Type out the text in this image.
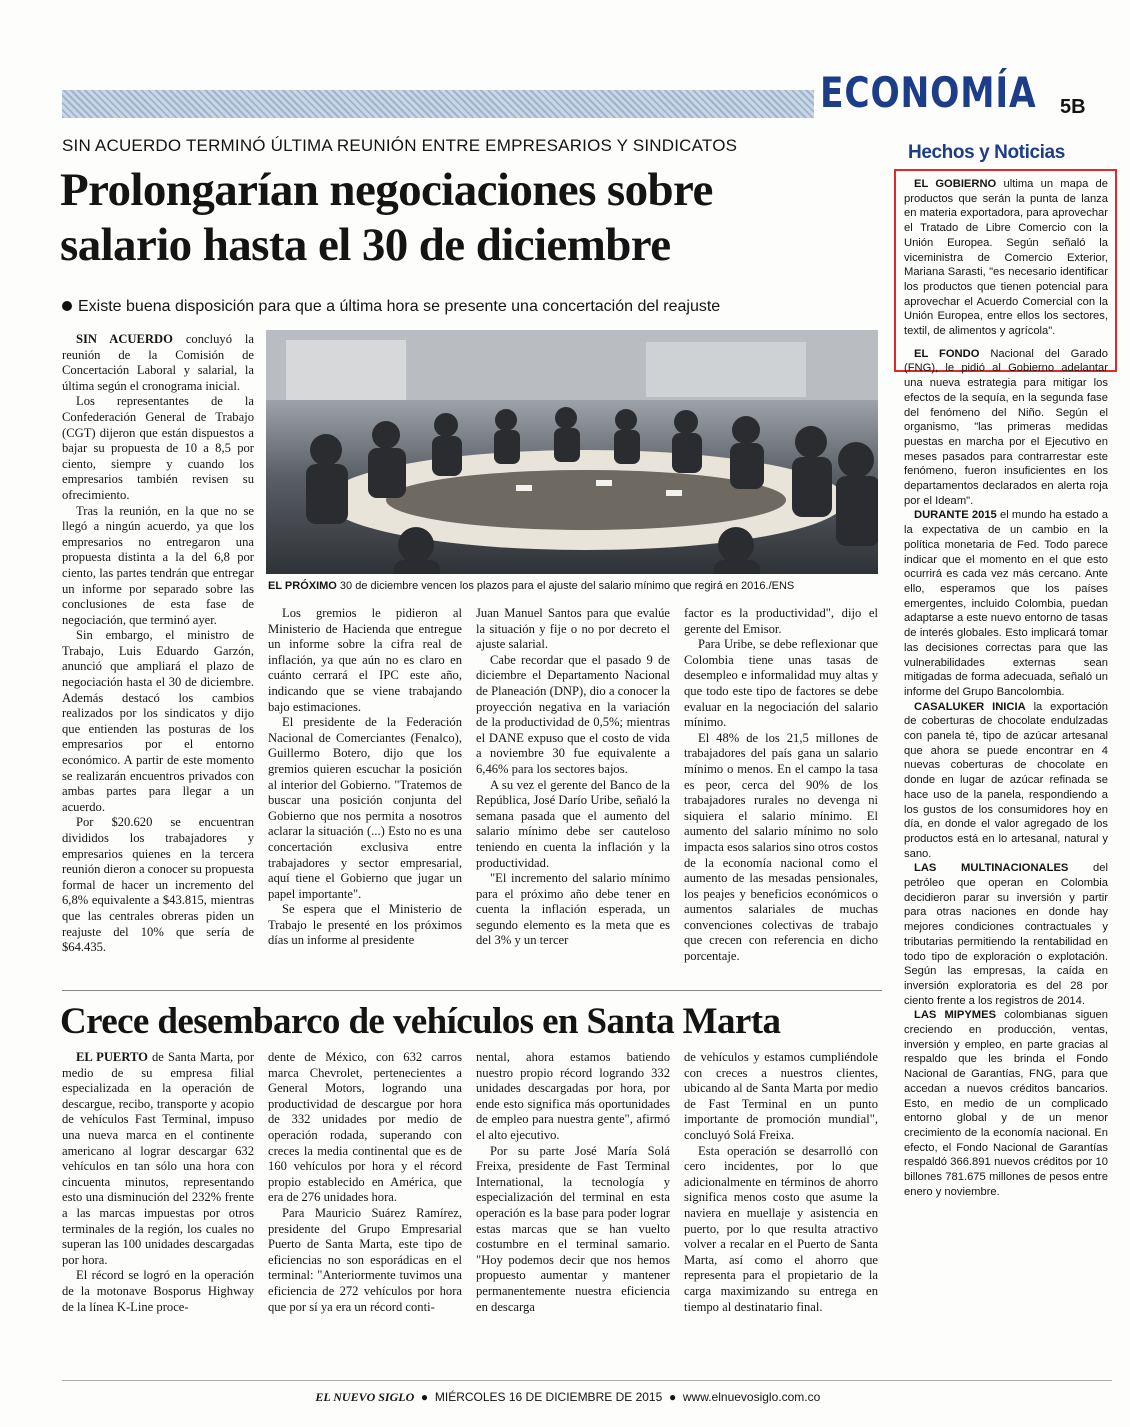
ECONOMÍA 5B
SIN ACUERDO TERMINÓ ÚLTIMA REUNIÓN ENTRE EMPRESARIOS Y SINDICATOS
Prolongarían negociaciones sobre
salario hasta el 30 de diciembre
Existe buena disposición para que a última hora se presente una concertación del reajuste

SIN ACUERDO concluyó la reunión de la Comisión de Concertación Laboral y salarial, la última según el cronograma inicial.

Los representantes de la Confederación General de Trabajo (CGT) dijeron que están dispuestos a bajar su propuesta de 10 a 8,5 por ciento, siempre y cuando los empresarios también revisen su ofrecimiento.

Tras la reunión, en la que no se llegó a ningún acuerdo, ya que los empresarios no entregaron una propuesta distinta a la del 6,8 por ciento, las partes tendrán que entregar un informe por separado sobre las conclusiones de esta fase de negociación, que terminó ayer.

Sin embargo, el ministro de Trabajo, Luis Eduardo Garzón, anunció que ampliará el plazo de negociación hasta el 30 de diciembre. Además destacó los cambios realizados por los sindicatos y dijo que entienden las posturas de los empresarios por el entorno económico. A partir de este momento se realizarán encuentros privados con ambas partes para llegar a un acuerdo.

Por $20.620 se encuentran divididos los trabajadores y empresarios quienes en la tercera reunión dieron a conocer su propuesta formal de hacer un incremento del 6,8% equivalente a $43.815, mientras que las centrales obreras piden un reajuste del 10% que sería de $64.435.

EL PRÓXIMO 30 de diciembre vencen los plazos para el ajuste del salario mínimo que regirá en 2016./ENS

Los gremios le pidieron al Ministerio de Hacienda que entregue un informe sobre la cifra real de inflación, ya que aún no es claro en cuánto cerrará el IPC este año, indicando que se viene trabajando bajo estimaciones.

El presidente de la Federación Nacional de Comerciantes (Fenalco), Guillermo Botero, dijo que los gremios quieren escuchar la posición al interior del Gobierno. "Tratemos de buscar una posición conjunta del Gobierno que nos permita a nosotros aclarar la situación (...) Esto no es una concertación exclusiva entre trabajadores y sector empresarial, aquí tiene el Gobierno que jugar un papel importante".

Se espera que el Ministerio de Trabajo le presenté en los próximos días un informe al presidente

Juan Manuel Santos para que evalúe la situación y fije o no por decreto el ajuste salarial.

Cabe recordar que el pasado 9 de diciembre el Departamento Nacional de Planeación (DNP), dio a conocer la proyección negativa en la variación de la productividad de 0,5%; mientras el DANE expuso que el costo de vida a noviembre 30 fue equivalente a 6,46% para los sectores bajos.

A su vez el gerente del Banco de la República, José Darío Uribe, señaló la semana pasada que el aumento del salario mínimo debe ser cauteloso teniendo en cuenta la inflación y la productividad.

"El incremento del salario mínimo para el próximo año debe tener en cuenta la inflación esperada, un segundo elemento es la meta que es del 3% y un tercer

factor es la productividad", dijo el gerente del Emisor.

Para Uribe, se debe reflexionar que Colombia tiene unas tasas de desempleo e informalidad muy altas y que todo este tipo de factores se debe evaluar en la negociación del salario mínimo.

El 48% de los 21,5 millones de trabajadores del país gana un salario mínimo o menos. En el campo la tasa es peor, cerca del 90% de los trabajadores rurales no devenga ni siquiera el salario mínimo. El aumento del salario mínimo no solo impacta esos salarios sino otros costos de la economía nacional como el aumento de las mesadas pensionales, los peajes y beneficios económicos o aumentos salariales de muchas convenciones colectivas de trabajo que crecen con referencia en dicho porcentaje.

Crece desembarco de vehículos en Santa Marta

EL PUERTO de Santa Marta, por medio de su empresa filial especializada en la operación de descargue, recibo, transporte y acopio de vehículos Fast Terminal, impuso una nueva marca en el continente americano al lograr descargar 632 vehículos en tan sólo una hora con cincuenta minutos, representando esto una disminución del 232% frente a las marcas impuestas por otros terminales de la región, los cuales no superan las 100 unidades descargadas por hora.

El récord se logró en la operación de la motonave Bosporus Highway de la línea K-Line proce-

dente de México, con 632 carros marca Chevrolet, pertenecientes a General Motors, logrando una productividad de descargue por hora de 332 unidades por medio de operación rodada, superando con creces la media continental que es de 160 vehículos por hora y el récord propio establecido en América, que era de 276 unidades hora.

Para Mauricio Suárez Ramírez, presidente del Grupo Empresarial Puerto de Santa Marta, este tipo de eficiencias no son esporádicas en el terminal: "Anteriormente tuvimos una eficiencia de 272 vehículos por hora que por sí ya era un récord conti-

nental, ahora estamos batiendo nuestro propio récord logrando 332 unidades descargadas por hora, por ende esto significa más oportunidades de empleo para nuestra gente", afirmó el alto ejecutivo.

Por su parte José María Solá Freixa, presidente de Fast Terminal International, la tecnología y especialización del terminal en esta operación es la base para poder lograr estas marcas que se han vuelto costumbre en el terminal samario. "Hoy podemos decir que nos hemos propuesto aumentar y mantener permanentemente nuestra eficiencia en descarga

de vehículos y estamos cumpliéndole con creces a nuestros clientes, ubicando al de Santa Marta por medio de Fast Terminal en un punto importante de promoción mundial", concluyó Solá Freixa.

Esta operación se desarrolló con cero incidentes, por lo que adicionalmente en términos de ahorro significa menos costo que asume la naviera en muellaje y asistencia en puerto, por lo que resulta atractivo volver a recalar en el Puerto de Santa Marta, así como el ahorro que representa para el propietario de la carga maximizando su entrega en tiempo al destinatario final.

Hechos y Noticias

EL GOBIERNO ultima un mapa de productos que serán la punta de lanza en materia exportadora, para aprovechar el Tratado de Libre Comercio con la Unión Europea. Según señaló la viceministra de Comercio Exterior, Mariana Sarasti, "es necesario identificar los productos que tienen potencial para aprovechar el Acuerdo Comercial con la Unión Europea, entre ellos los sectores, textil, de alimentos y agrícola".

EL FONDO Nacional del Garado (FNG), le pidió al Gobierno adelantar una nueva estrategia para mitigar los efectos de la sequía, en la segunda fase del fenómeno del Niño. Según el organismo, "las primeras medidas puestas en marcha por el Ejecutivo en meses pasados para contrarrestar este fenómeno, fueron insuficientes en los departamentos declarados en alerta roja por el Ideam".

DURANTE 2015 el mundo ha estado a la expectativa de un cambio en la política monetaria de Fed. Todo parece indicar que el momento en el que esto ocurrirá es cada vez más cercano. Ante ello, esperamos que los países emergentes, incluido Colombia, puedan adaptarse a este nuevo entorno de tasas de interés globales. Esto implicará tomar las decisiones correctas para que las vulnerabilidades externas sean mitigadas de forma adecuada, señaló un informe del Grupo Bancolombia.

CASALUKER INICIA la exportación de coberturas de chocolate endulzadas con panela té, tipo de azúcar artesanal que ahora se puede encontrar en 4 nuevas coberturas de chocolate en donde en lugar de azúcar refinada se hace uso de la panela, respondiendo a los gustos de los consumidores hoy en día, en donde el valor agregado de los productos está en lo artesanal, natural y sano.

LAS MULTINACIONALES del petróleo que operan en Colombia decidieron parar su inversión y partir para otras naciones en donde hay mejores condiciones contractuales y tributarias permitiendo la rentabilidad en todo tipo de exploración o explotación. Según las empresas, la caída en inversión exploratoria es del 28 por ciento frente a los registros de 2014.

LAS MIPYMES colombianas siguen creciendo en producción, ventas, inversión y empleo, en parte gracias al respaldo que les brinda el Fondo Nacional de Garantías, FNG, para que accedan a nuevos créditos bancarios. Esto, en medio de un complicado entorno global y de un menor crecimiento de la economía nacional. En efecto, el Fondo Nacional de Garantías respaldó 366.891 nuevos créditos por 10 billones 781.675 millones de pesos entre enero y noviembre.

EL NUEVO SIGLO  ●  MIÉRCOLES 16 DE DICIEMBRE DE 2015  ●  www.elnuevosiglo.com.co
